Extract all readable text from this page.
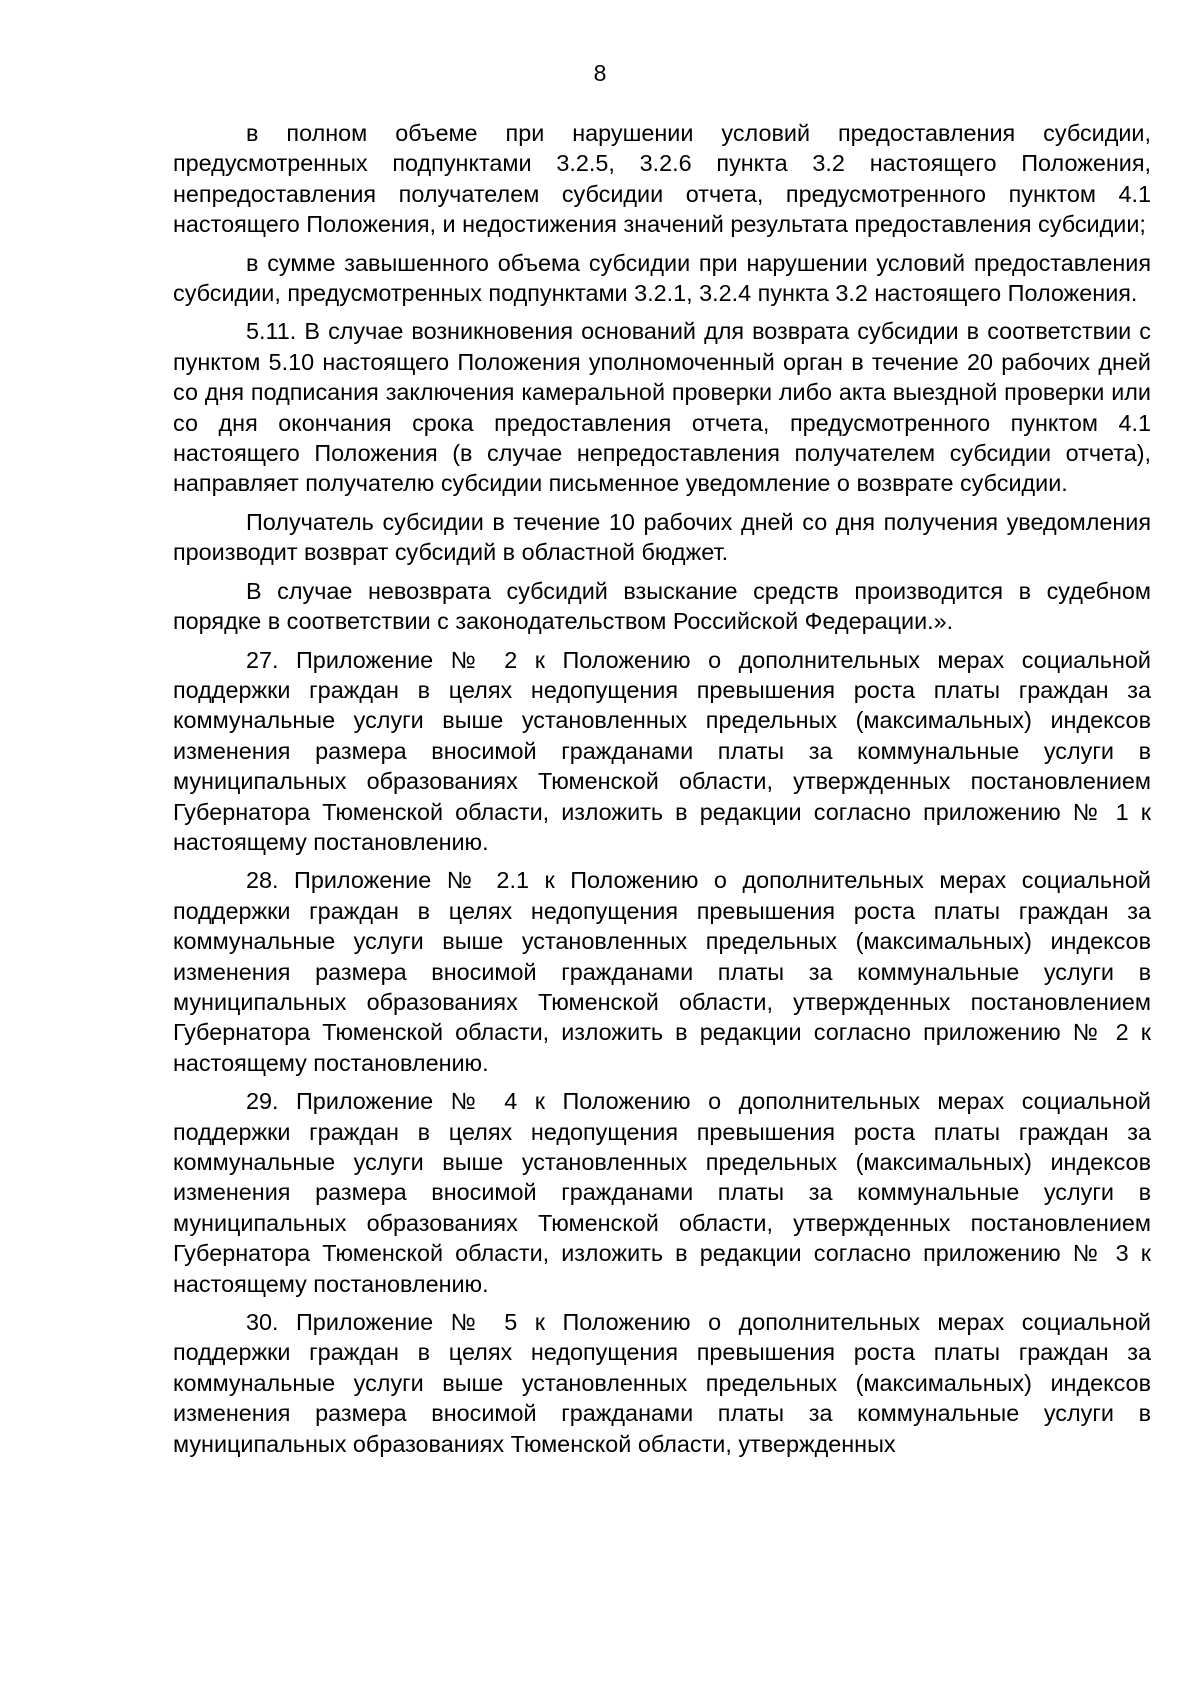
8

в полном объеме при нарушении условий предоставления субсидии, предусмотренных подпунктами 3.2.5, 3.2.6 пункта 3.2 настоящего Положения, непредоставления получателем субсидии отчета, предусмотренного пунктом 4.1 настоящего Положения, и недостижения значений результата предоставления субсидии;

в сумме завышенного объема субсидии при нарушении условий предоставления субсидии, предусмотренных подпунктами 3.2.1, 3.2.4 пункта 3.2 настоящего Положения.

5.11. В случае возникновения оснований для возврата субсидии в соответствии с пунктом 5.10 настоящего Положения уполномоченный орган в течение 20 рабочих дней со дня подписания заключения камеральной проверки либо акта выездной проверки или со дня окончания срока предоставления отчета, предусмотренного пунктом 4.1 настоящего Положения (в случае непредоставления получателем субсидии отчета), направляет получателю субсидии письменное уведомление о возврате субсидии.

Получатель субсидии в течение 10 рабочих дней со дня получения уведомления производит возврат субсидий в областной бюджет.

В случае невозврата субсидий взыскание средств производится в судебном порядке в соответствии с законодательством Российской Федерации.».

27. Приложение № 2 к Положению о дополнительных мерах социальной поддержки граждан в целях недопущения превышения роста платы граждан за коммунальные услуги выше установленных предельных (максимальных) индексов изменения размера вносимой гражданами платы за коммунальные услуги в муниципальных образованиях Тюменской области, утвержденных постановлением Губернатора Тюменской области, изложить в редакции согласно приложению № 1 к настоящему постановлению.

28. Приложение № 2.1 к Положению о дополнительных мерах социальной поддержки граждан в целях недопущения превышения роста платы граждан за коммунальные услуги выше установленных предельных (максимальных) индексов изменения размера вносимой гражданами платы за коммунальные услуги в муниципальных образованиях Тюменской области, утвержденных постановлением Губернатора Тюменской области, изложить в редакции согласно приложению № 2 к настоящему постановлению.

29. Приложение № 4 к Положению о дополнительных мерах социальной поддержки граждан в целях недопущения превышения роста платы граждан за коммунальные услуги выше установленных предельных (максимальных) индексов изменения размера вносимой гражданами платы за коммунальные услуги в муниципальных образованиях Тюменской области, утвержденных постановлением Губернатора Тюменской области, изложить в редакции согласно приложению № 3 к настоящему постановлению.

30. Приложение № 5 к Положению о дополнительных мерах социальной поддержки граждан в целях недопущения превышения роста платы граждан за коммунальные услуги выше установленных предельных (максимальных) индексов изменения размера вносимой гражданами платы за коммунальные услуги в муниципальных образованиях Тюменской области, утвержденных
